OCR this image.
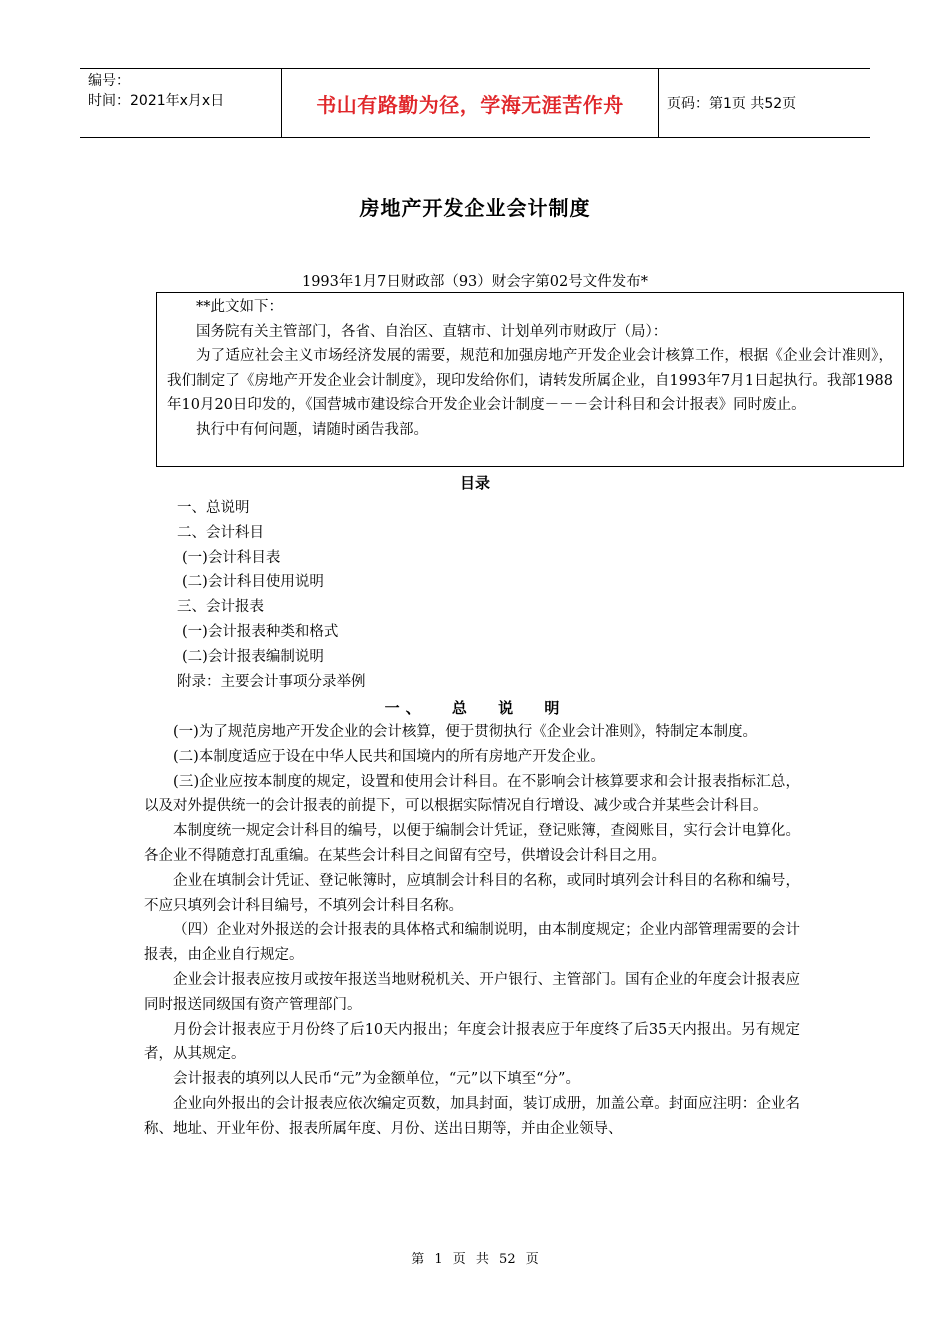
编号：
时间：2021年x月x日	书山有路勤为径，学海无涯苦作舟	页码：第1页 共52页
房地产开发企业会计制度
1993年1月7日财政部（93）财会字第02号文件发布*

**此文如下：

国务院有关主管部门，各省、自治区、直辖市、计划单列市财政厅（局）：

为了适应社会主义市场经济发展的需要，规范和加强房地产开发企业会计核算工作，根据《企业会计准则》，我们制定了《房地产开发企业会计制度》，现印发给你们，请转发所属企业，自1993年7月1日起执行。我部1988年10月20日印发的，《国营城市建设综合开发企业会计制度－－－会计科目和会计报表》同时废止。

执行中有何问题，请随时函告我部。

目录
一、总说明
二、会计科目
(一)会计科目表
(二)会计科目使用说明
三、会计报表
(一)会计报表种类和格式
(二)会计报表编制说明
附录：主要会计事项分录举例
一、 总 说 明

(一)为了规范房地产开发企业的会计核算，便于贯彻执行《企业会计准则》，特制定本制度。

(二)本制度适应于设在中华人民共和国境内的所有房地产开发企业。

(三)企业应按本制度的规定，设置和使用会计科目。在不影响会计核算要求和会计报表指标汇总，以及对外提供统一的会计报表的前提下，可以根据实际情况自行增设、减少或合并某些会计科目。

本制度统一规定会计科目的编号，以便于编制会计凭证，登记账簿，查阅账目，实行会计电算化。各企业不得随意打乱重编。在某些会计科目之间留有空号，供增设会计科目之用。

企业在填制会计凭证、登记帐簿时，应填制会计科目的名称，或同时填列会计科目的名称和编号，不应只填列会计科目编号，不填列会计科目名称。

（四）企业对外报送的会计报表的具体格式和编制说明，由本制度规定；企业内部管理需要的会计报表，由企业自行规定。

企业会计报表应按月或按年报送当地财税机关、开户银行、主管部门。国有企业的年度会计报表应同时报送同级国有资产管理部门。

月份会计报表应于月份终了后10天内报出；年度会计报表应于年度终了后35天内报出。另有规定者，从其规定。

会计报表的填列以人民币“元”为金额单位，“元”以下填至“分”。

企业向外报出的会计报表应依次编定页数，加具封面，装订成册，加盖公章。封面应注明：企业名称、地址、开业年份、报表所属年度、月份、送出日期等，并由企业领导、

第 1 页 共 52 页
